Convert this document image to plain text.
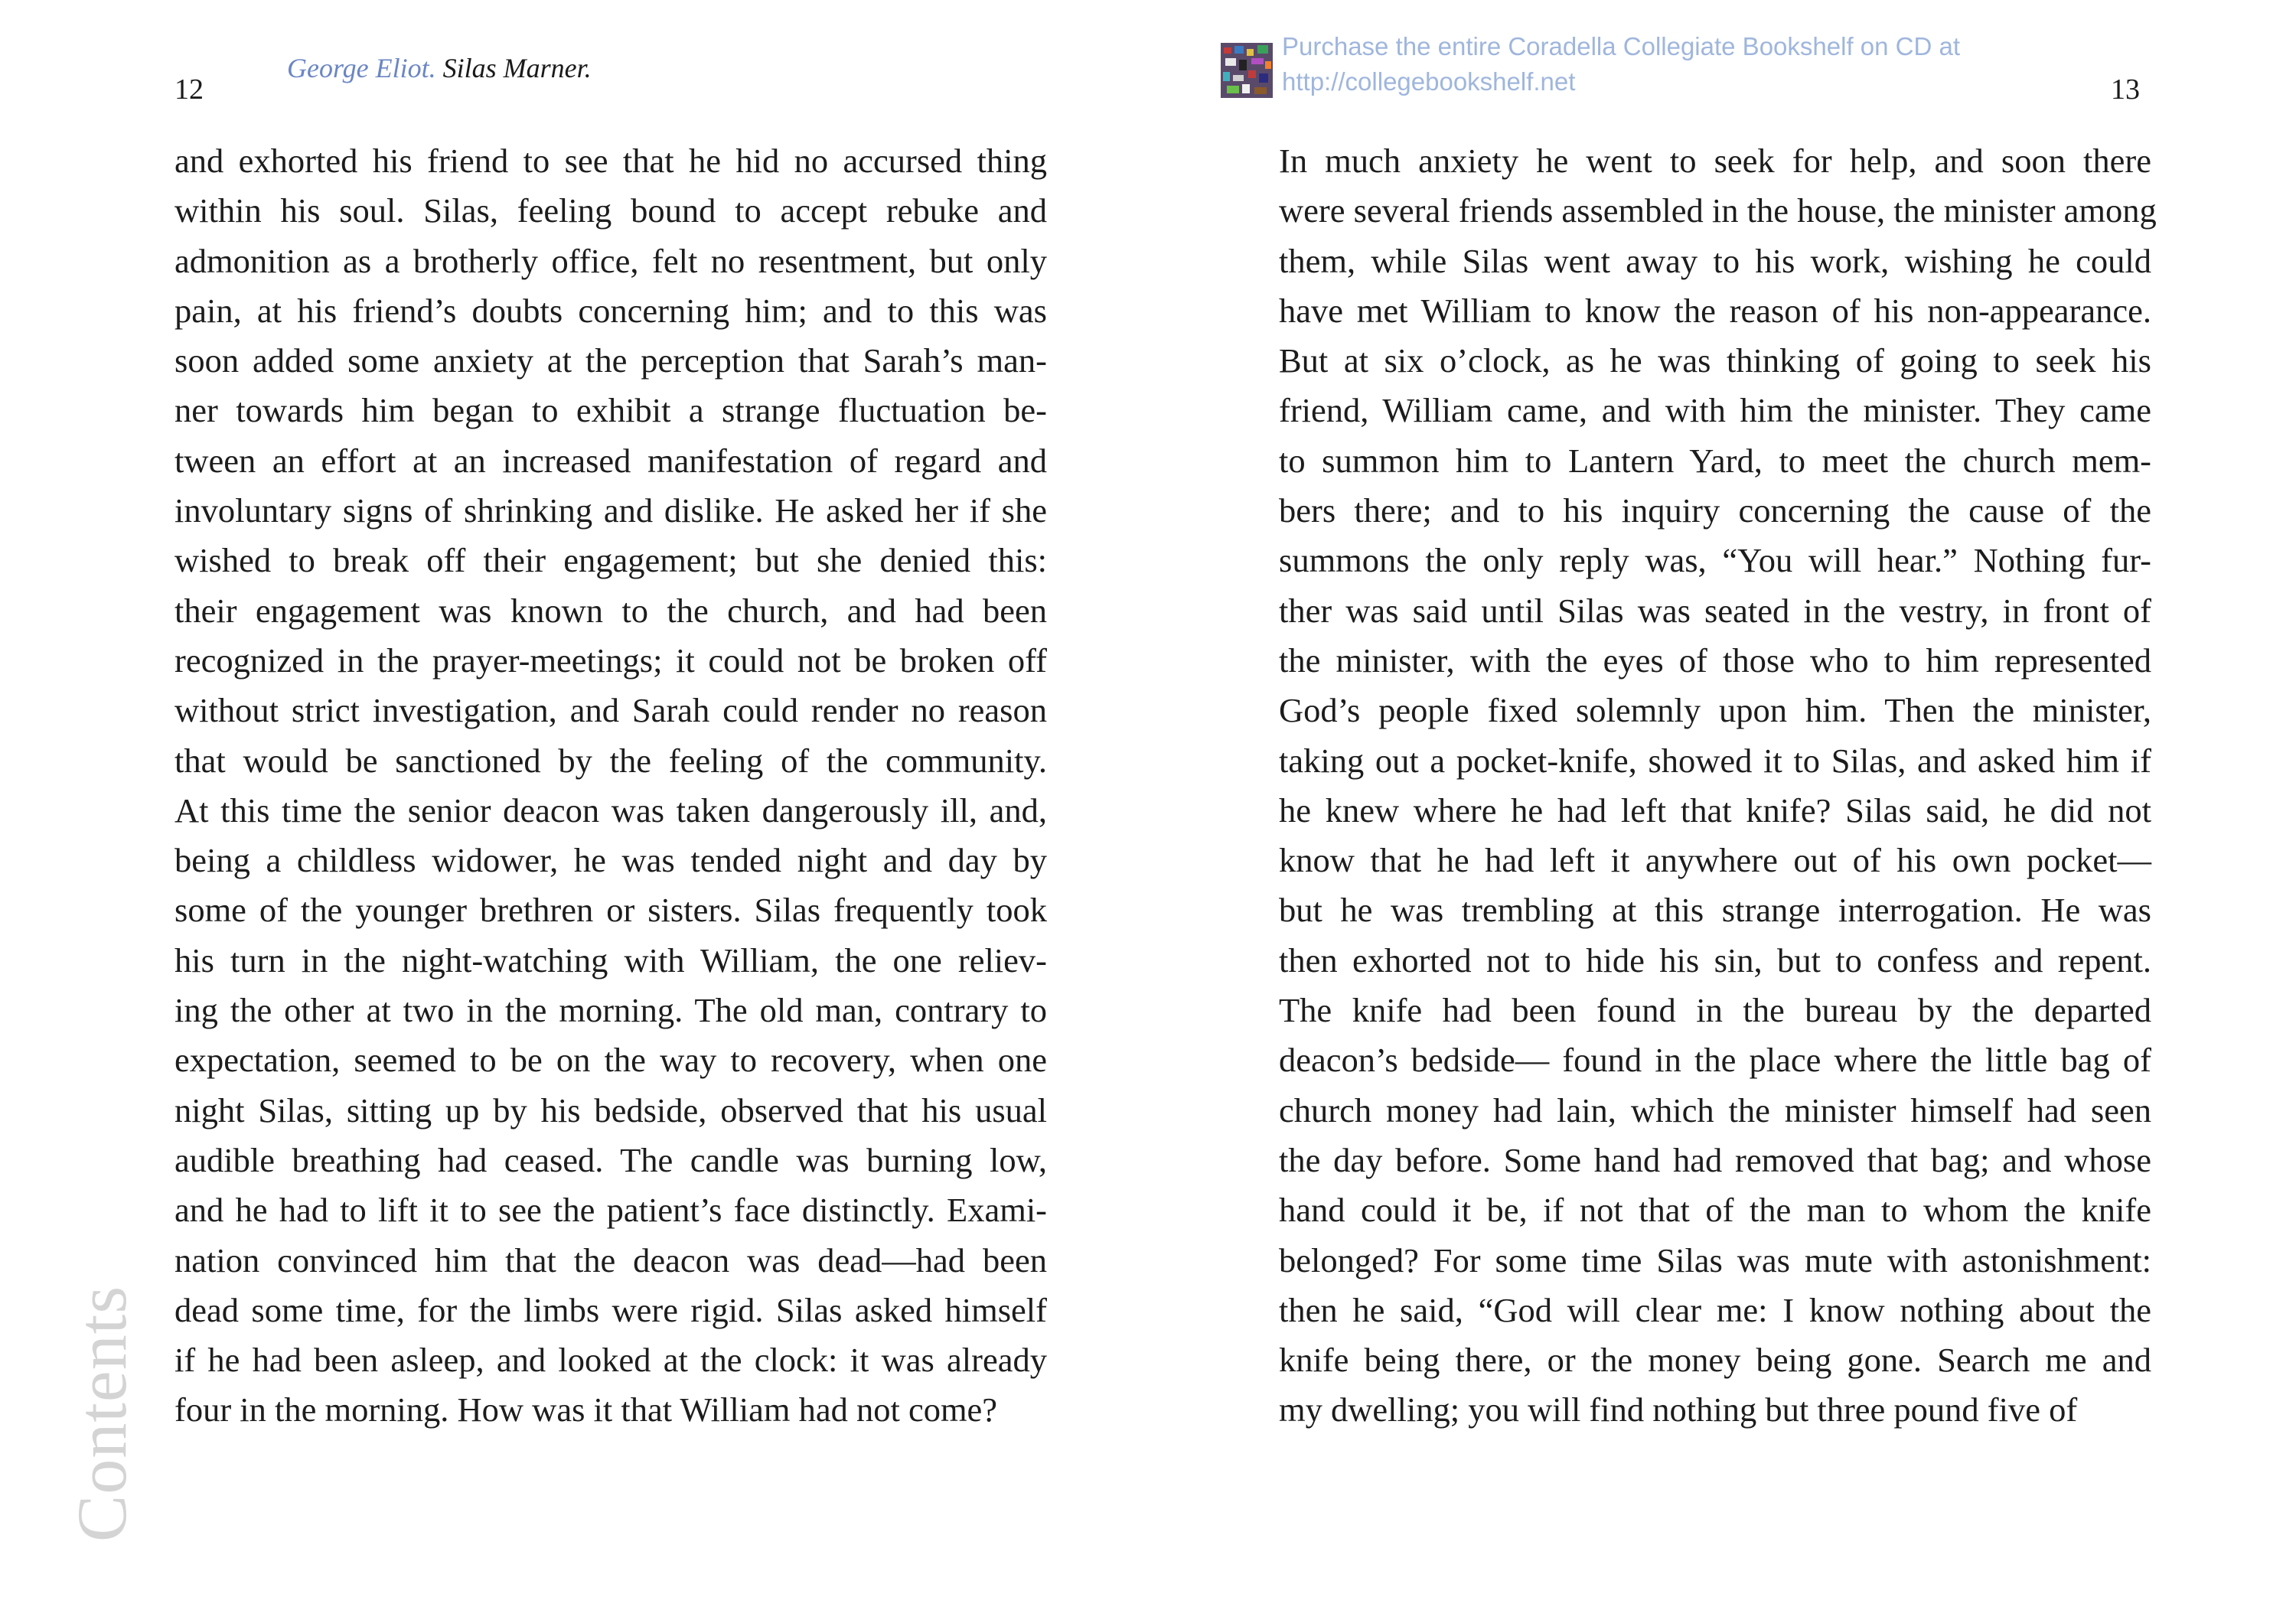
12
George Eliot. Silas Marner.
and exhorted his friend to see that he hid no accursed thing
within his soul. Silas, feeling bound to accept rebuke and
admonition as a brotherly office, felt no resentment, but only
pain, at his friend’s doubts concerning him; and to this was
soon added some anxiety at the perception that Sarah’s man-
ner towards him began to exhibit a strange fluctuation be-
tween an effort at an increased manifestation of regard and
involuntary signs of shrinking and dislike. He asked her if she
wished to break off their engagement; but she denied this:
their engagement was known to the church, and had been
recognized in the prayer-meetings; it could not be broken off
without strict investigation, and Sarah could render no reason
that would be sanctioned by the feeling of the community.
At this time the senior deacon was taken dangerously ill, and,
being a childless widower, he was tended night and day by
some of the younger brethren or sisters. Silas frequently took
his turn in the night-watching with William, the one reliev-
ing the other at two in the morning. The old man, contrary to
expectation, seemed to be on the way to recovery, when one
night Silas, sitting up by his bedside, observed that his usual
audible breathing had ceased. The candle was burning low,
and he had to lift it to see the patient’s face distinctly. Exami-
nation convinced him that the deacon was dead—had been
dead some time, for the limbs were rigid. Silas asked himself
if he had been asleep, and looked at the clock: it was already
four in the morning. How was it that William had not come?
Contents
Purchase the entire Coradella Collegiate Bookshelf on CD at
http://collegebookshelf.net	13
In much anxiety he went to seek for help, and soon there
were several friends assembled in the house, the minister among
them, while Silas went away to his work, wishing he could
have met William to know the reason of his non-appearance.
But at six o’clock, as he was thinking of going to seek his
friend, William came, and with him the minister. They came
to summon him to Lantern Yard, to meet the church mem-
bers there; and to his inquiry concerning the cause of the
summons the only reply was, “You will hear.” Nothing fur-
ther was said until Silas was seated in the vestry, in front of
the minister, with the eyes of those who to him represented
God’s people fixed solemnly upon him. Then the minister,
taking out a pocket-knife, showed it to Silas, and asked him if
he knew where he had left that knife? Silas said, he did not
know that he had left it anywhere out of his own pocket—
but he was trembling at this strange interrogation. He was
then exhorted not to hide his sin, but to confess and repent.
The knife had been found in the bureau by the departed
deacon’s bedside— found in the place where the little bag of
church money had lain, which the minister himself had seen
the day before. Some hand had removed that bag; and whose
hand could it be, if not that of the man to whom the knife
belonged? For some time Silas was mute with astonishment:
then he said, “God will clear me: I know nothing about the
knife being there, or the money being gone. Search me and
my dwelling; you will find nothing but three pound five of
